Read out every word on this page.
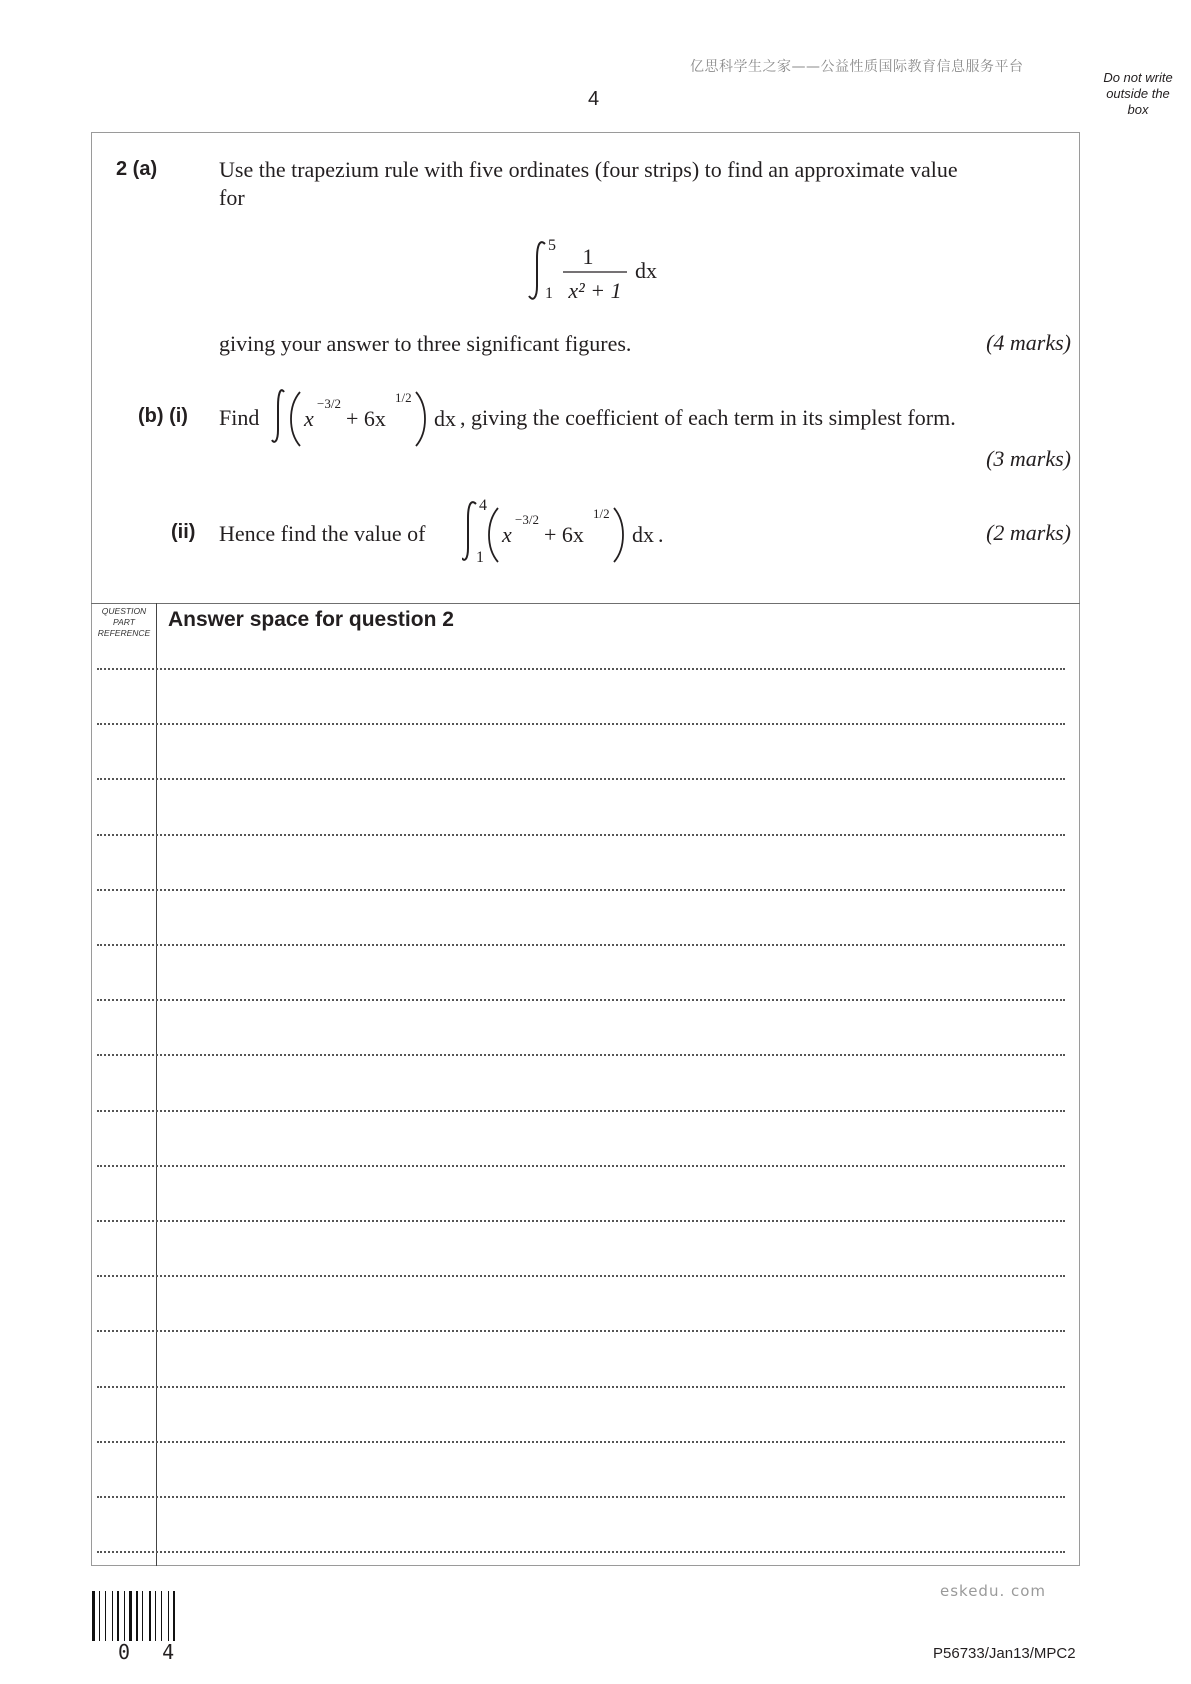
亿思科学生之家——公益性质国际教育信息服务平台
4
Do not write
outside the
box
2 (a)	Use the trapezium rule with five ordinates (four strips) to find an approximate value
for
5
1
1
x² + 1
dx
giving your answer to three significant figures.	(4 marks)
(b) (i) Find x
−3/2
+ 6x
1/2
dx , giving the coefficient of each term in its simplest form.
(3 marks)
(ii) Hence find the value of
4
1
x
−3/2
+ 6x
1/2
dx .	(2 marks)
QUESTION
PART
REFERENCE
Answer space for question 2
0 4
eskedu. com
P56733/Jan13/MPC2
